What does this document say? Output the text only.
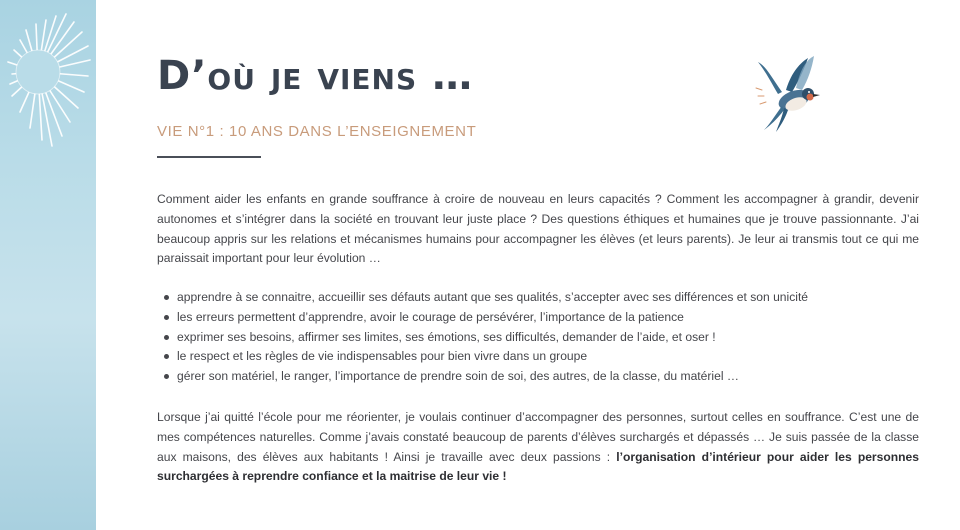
D’où je viens …

VIE N°1 : 10 ANS DANS L’ENSEIGNEMENT

Comment aider les enfants en grande souffrance à croire de nouveau en leurs capacités ? Comment les accompagner à grandir, devenir autonomes et s’intégrer dans la société en trouvant leur juste place ? Des questions éthiques et humaines que je trouve passionnante. J’ai beaucoup appris sur les relations et mécanismes humains pour accompagner les élèves (et leurs parents). Je leur ai transmis tout ce qui me paraissait important pour leur évolution …

apprendre à se connaitre, accueillir ses défauts autant que ses qualités, s’accepter avec ses différences et son unicité
les erreurs permettent d’apprendre, avoir le courage de persévérer, l’importance de la patience
exprimer ses besoins, affirmer ses limites, ses émotions, ses difficultés, demander de l’aide, et oser !
le respect et les règles de vie indispensables pour bien vivre dans un groupe
gérer son matériel, le ranger, l’importance de prendre soin de soi, des autres, de la classe, du matériel …

Lorsque j’ai quitté l’école pour me réorienter, je voulais continuer d’accompagner des personnes, surtout celles en souffrance. C’est une de mes compétences naturelles. Comme j’avais constaté beaucoup de parents d’élèves surchargés et dépassés … Je suis passée de la classe aux maisons, des élèves aux habitants ! Ainsi je travaille avec deux passions : l’organisation d’intérieur pour aider les personnes surchargées à reprendre confiance et la maitrise de leur vie !
